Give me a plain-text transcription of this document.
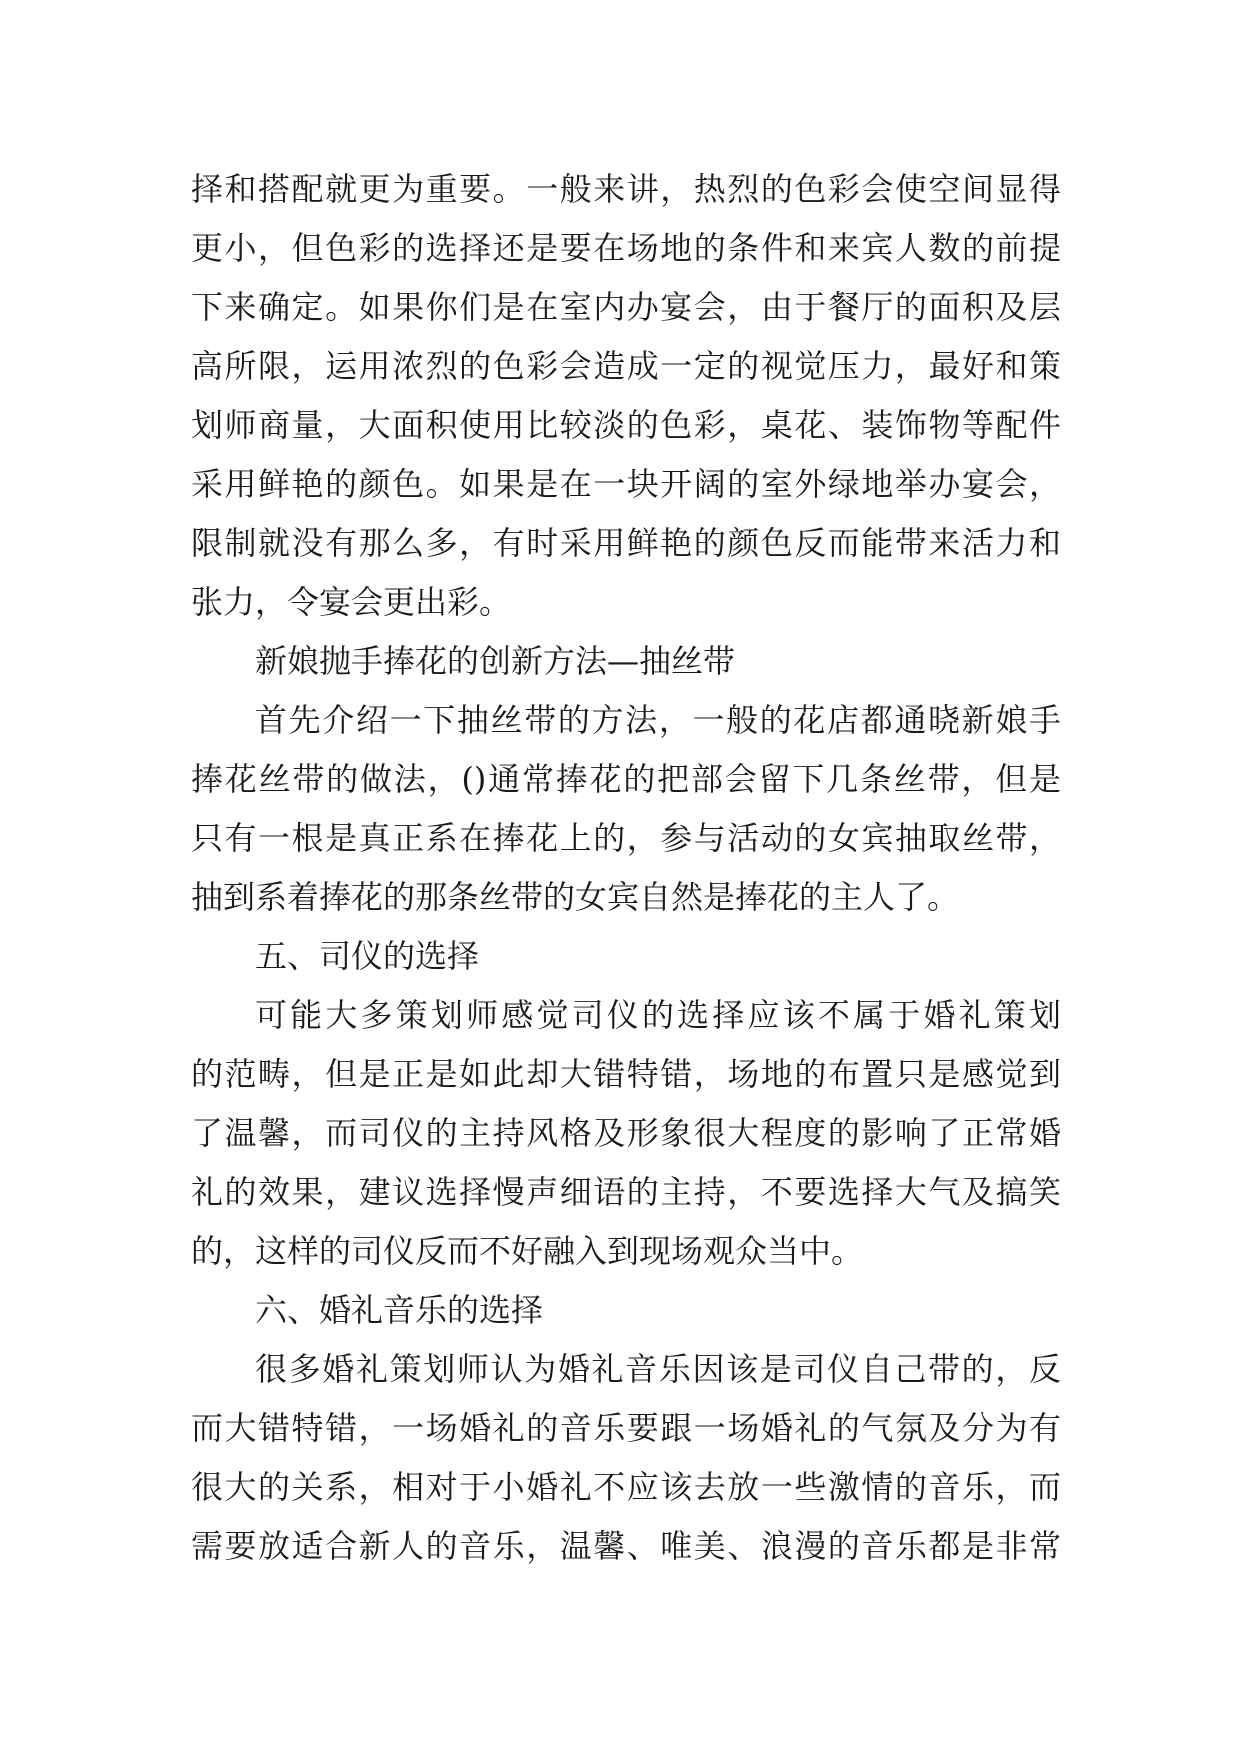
择和搭配就更为重要。一般来讲，热烈的色彩会使空间显得
更小，但色彩的选择还是要在场地的条件和来宾人数的前提
下来确定。如果你们是在室内办宴会，由于餐厅的面积及层
高所限，运用浓烈的色彩会造成一定的视觉压力，最好和策
划师商量，大面积使用比较淡的色彩，桌花、装饰物等配件
采用鲜艳的颜色。如果是在一块开阔的室外绿地举办宴会，
限制就没有那么多，有时采用鲜艳的颜色反而能带来活力和
张力，令宴会更出彩。
新娘抛手捧花的创新方法—抽丝带
首先介绍一下抽丝带的方法，一般的花店都通晓新娘手
捧花丝带的做法，()通常捧花的把部会留下几条丝带，但是
只有一根是真正系在捧花上的，参与活动的女宾抽取丝带，
抽到系着捧花的那条丝带的女宾自然是捧花的主人了。
五、司仪的选择
可能大多策划师感觉司仪的选择应该不属于婚礼策划
的范畴，但是正是如此却大错特错，场地的布置只是感觉到
了温馨，而司仪的主持风格及形象很大程度的影响了正常婚
礼的效果，建议选择慢声细语的主持，不要选择大气及搞笑
的，这样的司仪反而不好融入到现场观众当中。
六、婚礼音乐的选择
很多婚礼策划师认为婚礼音乐因该是司仪自己带的，反
而大错特错，一场婚礼的音乐要跟一场婚礼的气氛及分为有
很大的关系，相对于小婚礼不应该去放一些激情的音乐，而
需要放适合新人的音乐，温馨、唯美、浪漫的音乐都是非常
